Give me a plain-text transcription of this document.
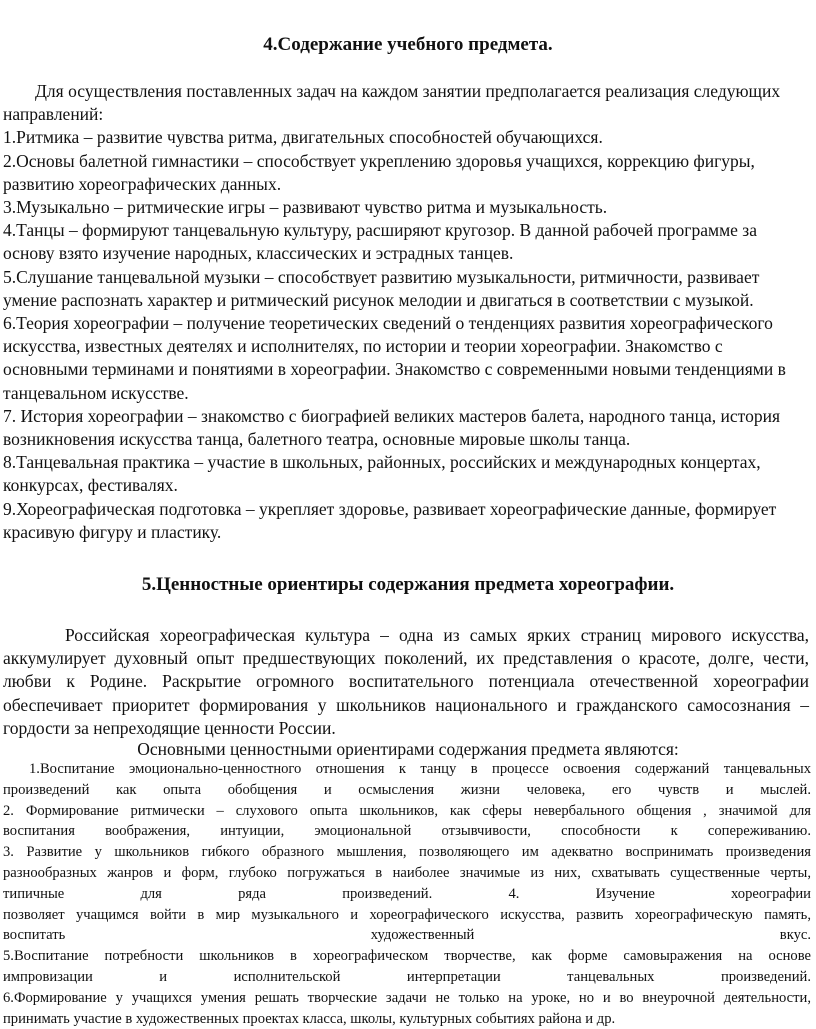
4.Содержание учебного предмета.

Для осуществления поставленных задач на каждом занятии предполагается реализация следующих направлений:

1.Ритмика – развитие чувства ритма, двигательных способностей обучающихся.

2.Основы балетной гимнастики – способствует укреплению здоровья учащихся, коррекцию фигуры, развитию хореографических данных.

3.Музыкально – ритмические игры – развивают чувство ритма и музыкальность.

4.Танцы – формируют танцевальную культуру, расширяют кругозор. В данной рабочей программе за основу взято изучение народных, классических и эстрадных танцев.

5.Слушание танцевальной музыки – способствует развитию музыкальности, ритмичности, развивает умение распознать характер и ритмический рисунок мелодии и двигаться в соответствии с музыкой.

6.Теория хореографии – получение теоретических сведений о тенденциях развития хореографического искусства, известных деятелях и исполнителях, по истории и теории хореографии. Знакомство с основными терминами и понятиями в хореографии. Знакомство с современными новыми тенденциями в танцевальном искусстве.

7. История хореографии – знакомство с биографией великих мастеров балета, народного танца, история возникновения искусства танца, балетного театра, основные мировые школы танца.

8.Танцевальная практика – участие в школьных, районных, российских и международных концертах, конкурсах, фестивалях.

9.Хореографическая подготовка – укрепляет здоровье, развивает хореографические данные, формирует красивую фигуру и пластику.

5.Ценностные ориентиры содержания предмета хореографии.

Российская хореографическая культура – одна из самых ярких страниц мирового искусства, аккумулирует духовный опыт предшествующих поколений, их представления о красоте, долге, чести, любви к Родине. Раскрытие огромного воспитательного потенциала отечественной хореографии обеспечивает приоритет формирования у школьников национального и гражданского самосознания – гордости за непреходящие ценности России.

Основными ценностными ориентирами содержания предмета являются:

1.Воспитание эмоционально-ценностного отношения к танцу в процессе освоения содержаний танцевальных

произведений как опыта обобщения и осмысления жизни человека, его чувств и мыслей.

2. Формирование ритмически – слухового опыта школьников, как сферы невербального общения , значимой для

воспитания воображения, интуиции, эмоциональной отзывчивости, способности к сопереживанию.

3. Развитие у школьников гибкого образного мышления, позволяющего им адекватно воспринимать произведения

разнообразных жанров и форм, глубоко погружаться в наиболее значимые из них, схватывать существенные черты,

типичные для ряда произведений. 4. Изучение хореографии

позволяет учащимся войти в мир музыкального и хореографического искусства, развить хореографическую память,

воспитать художественный вкус.

5.Воспитание потребности школьников в хореографическом творчестве, как форме самовыражения на основе

импровизации и исполнительской интерпретации танцевальных произведений.

6.Формирование у учащихся умения решать творческие задачи не только на уроке, но и во внеурочной деятельности,

принимать участие в художественных проектах класса, школы, культурных событиях района и др.
